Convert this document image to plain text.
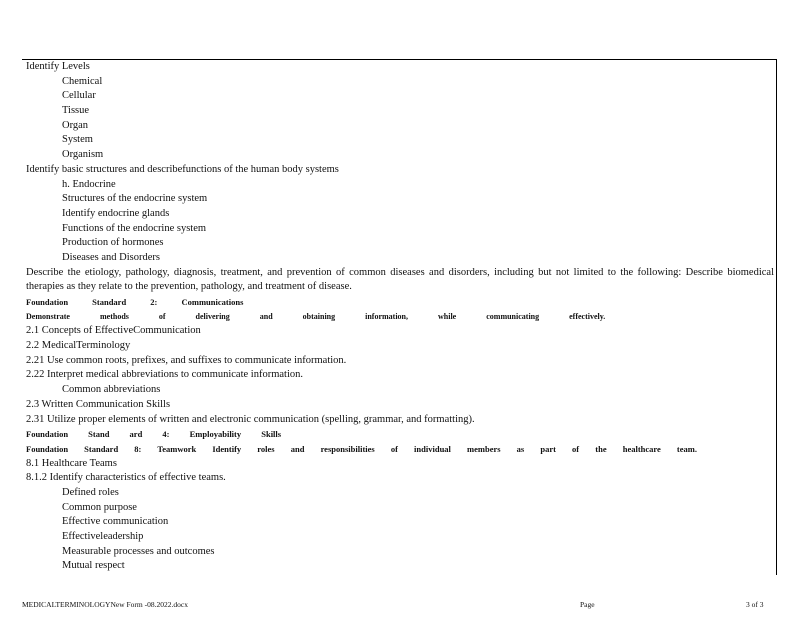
Identify Levels
Chemical
Cellular
Tissue
Organ
System
Organism
Identify basic structures and describefunctions of the human body systems
h. Endocrine
Structures of the endocrine system
Identify endocrine glands
Functions of the endocrine system
Production of hormones
Diseases and Disorders
Describe the etiology, pathology, diagnosis, treatment, and prevention of common diseases and disorders, including but not limited to the following: Describe biomedical therapies as they relate to the prevention, pathology, and treatment of disease.
Foundation Standard 2: Communications
Demonstrate methods of delivering and obtaining information, while communicating effectively.
2.1 Concepts of EffectiveCommunication
2.2 MedicalTerminology
2.21 Use common roots, prefixes, and suffixes to communicate information.
2.22 Interpret medical abbreviations to communicate information.
Common abbreviations
2.3 Written Communication Skills
2.31 Utilize proper elements of written and electronic communication (spelling, grammar, and formatting).
Foundation Stand ard 4: Employability Skills
Foundation Standard 8: Teamwork Identify roles and responsibilities of individual members as part of the healthcare team.
8.1 Healthcare Teams
8.1.2 Identify characteristics of effective teams.
Defined roles
Common purpose
Effective communication
Effectiveleadership
Measurable processes and outcomes
Mutual respect
MEDICALTERMINOLOGYNew Form -08.2022.docx	Page	3 of 3
